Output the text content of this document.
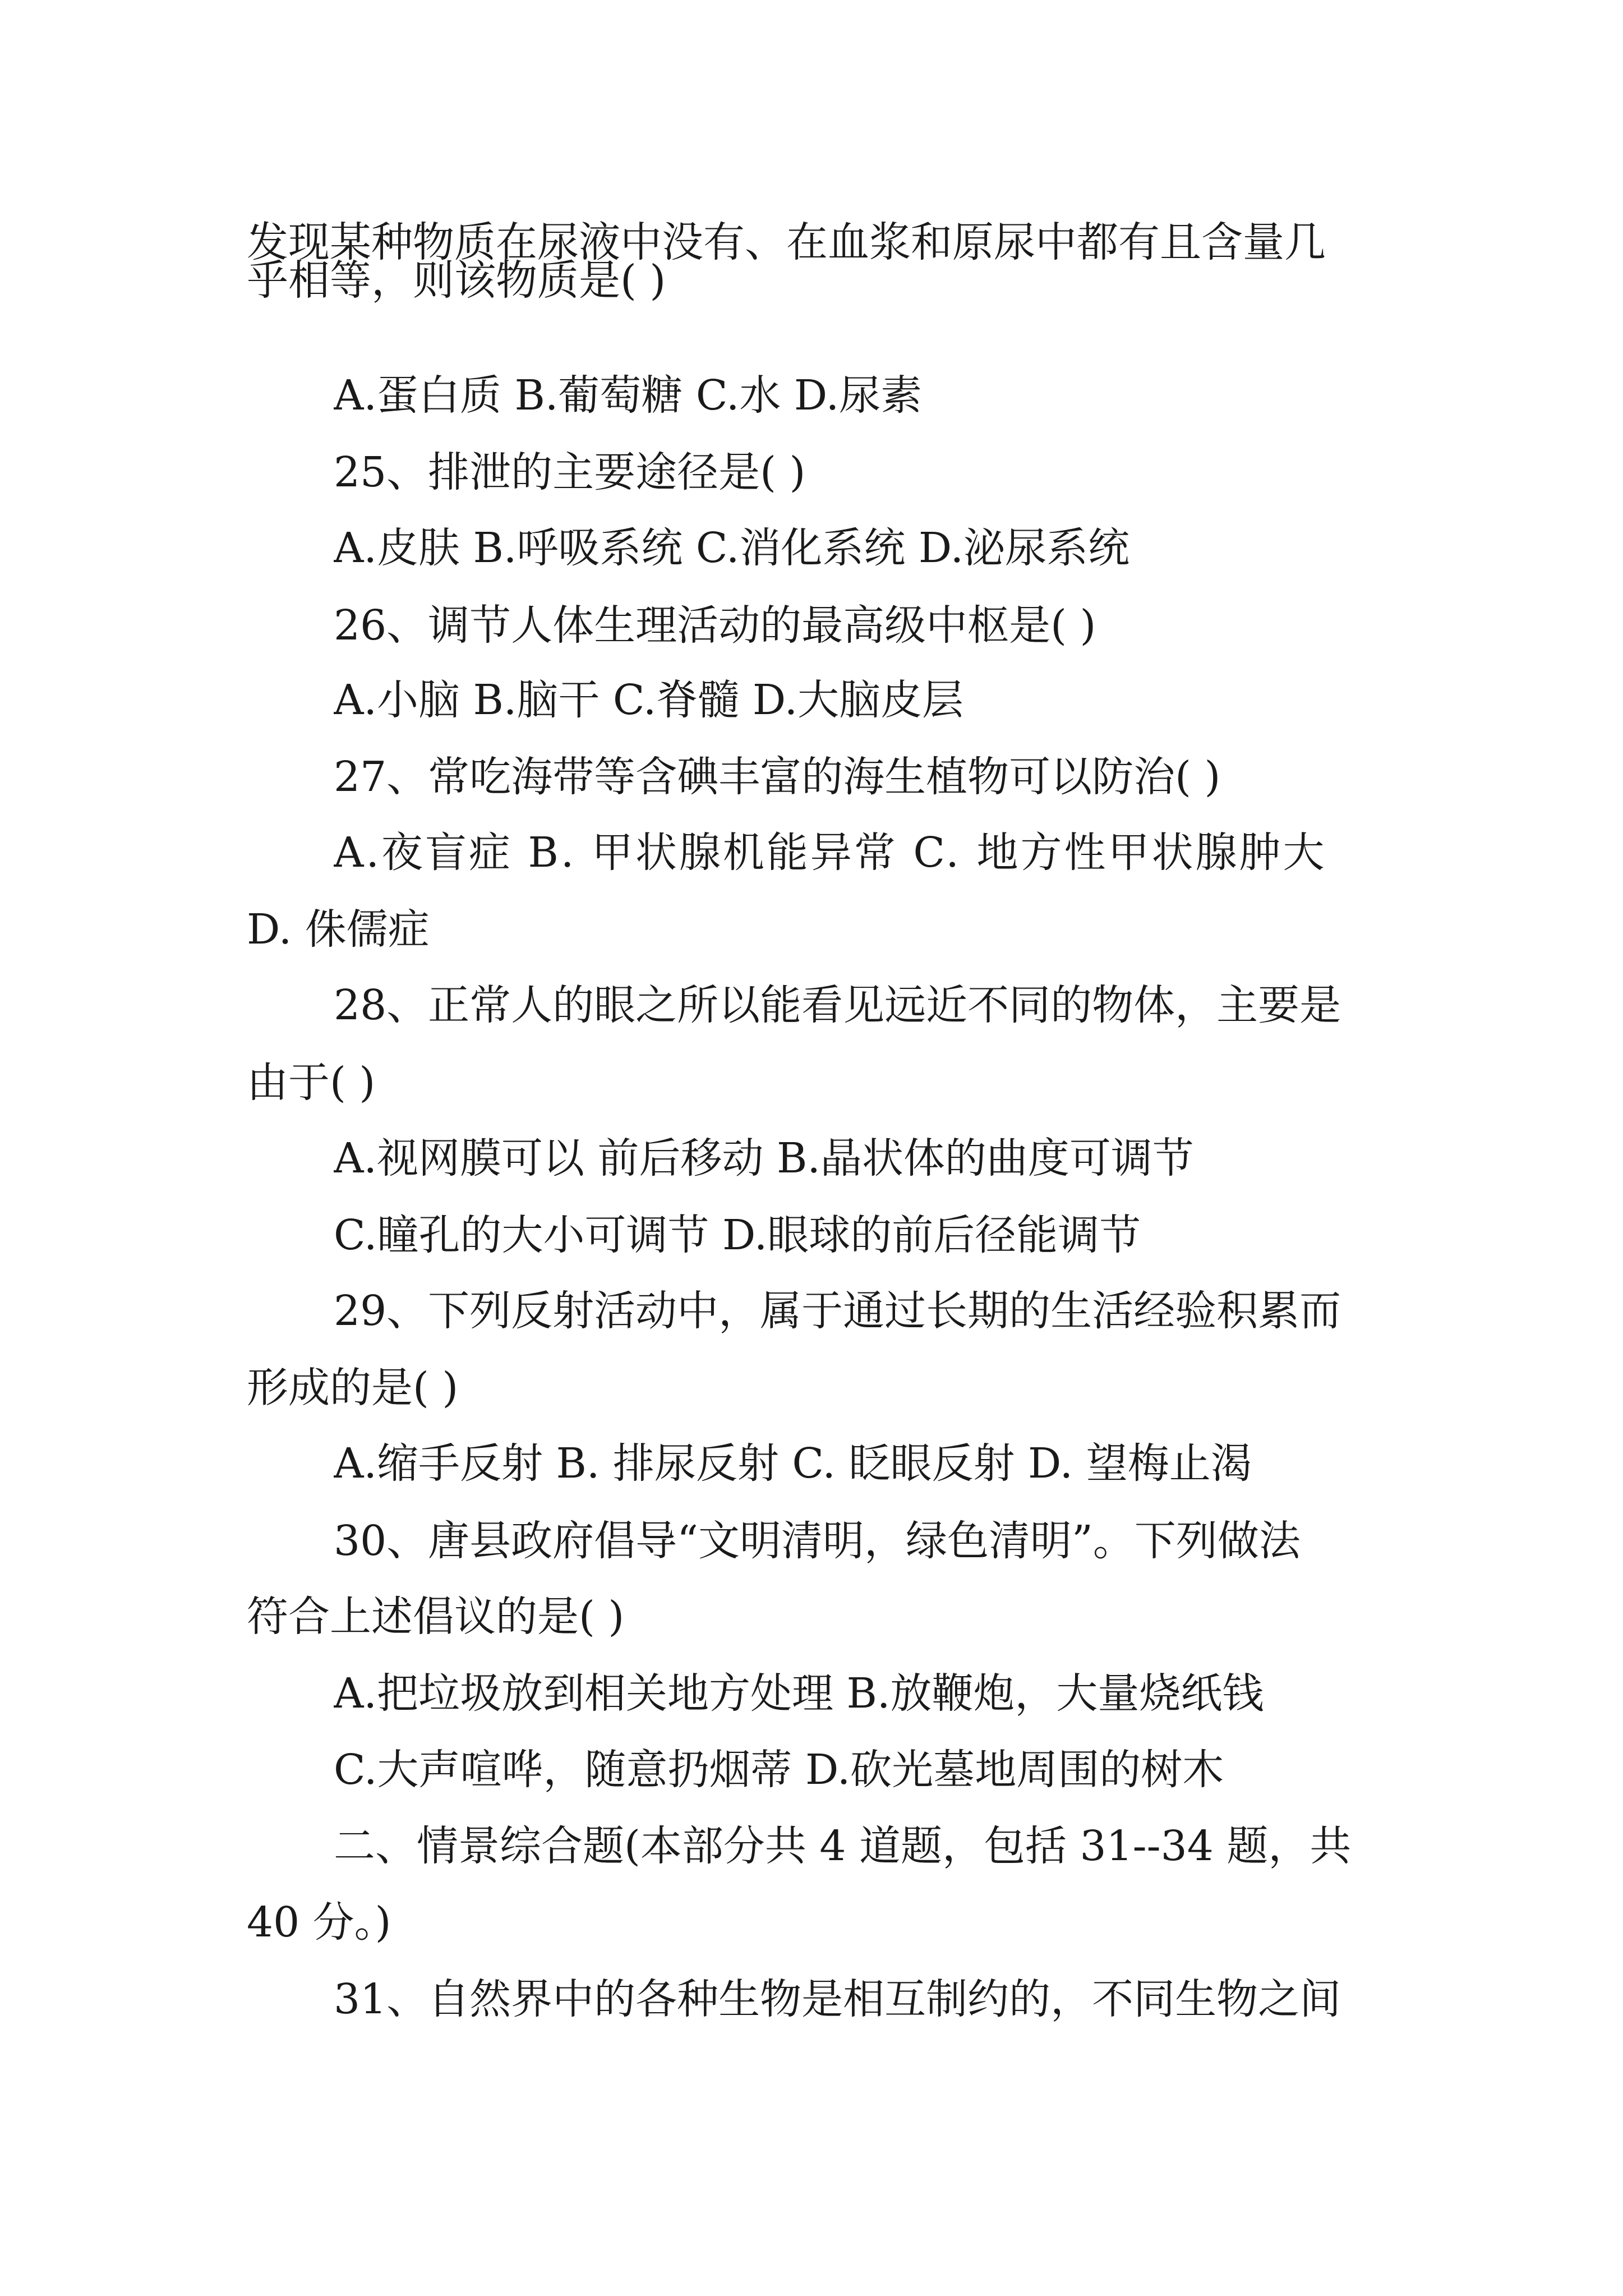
发现某种物质在尿液中没有、在血浆和原尿中都有且含量几
乎相等，则该物质是( )
A.蛋白质 B.葡萄糖 C.水 D.尿素
25、排泄的主要途径是( )
A.皮肤 B.呼吸系统 C.消化系统 D.泌尿系统
26、调节人体生理活动的最高级中枢是( )
A.小脑 B.脑干 C.脊髓 D.大脑皮层
27、常吃海带等含碘丰富的海生植物可以防治( )
A.夜盲症 B. 甲状腺机能异常 C. 地方性甲状腺肿大
D. 侏儒症
28、正常人的眼之所以能看见远近不同的物体，主要是
由于( )
A.视网膜可以 前后移动 B.晶状体的曲度可调节
C.瞳孔的大小可调节 D.眼球的前后径能调节
29、下列反射活动中，属于通过长期的生活经验积累而
形成的是( )
A.缩手反射 B. 排尿反射 C. 眨眼反射 D. 望梅止渴
30、唐县政府倡导“文明清明，绿色清明”。下列做法
符合上述倡议的是( )
A.把垃圾放到相关地方处理 B.放鞭炮，大量烧纸钱
C.大声喧哗，随意扔烟蒂 D.砍光墓地周围的树木
二、情景综合题(本部分共 4 道题，包括 31--34 题，共
40 分。)
31、自然界中的各种生物是相互制约的，不同生物之间
